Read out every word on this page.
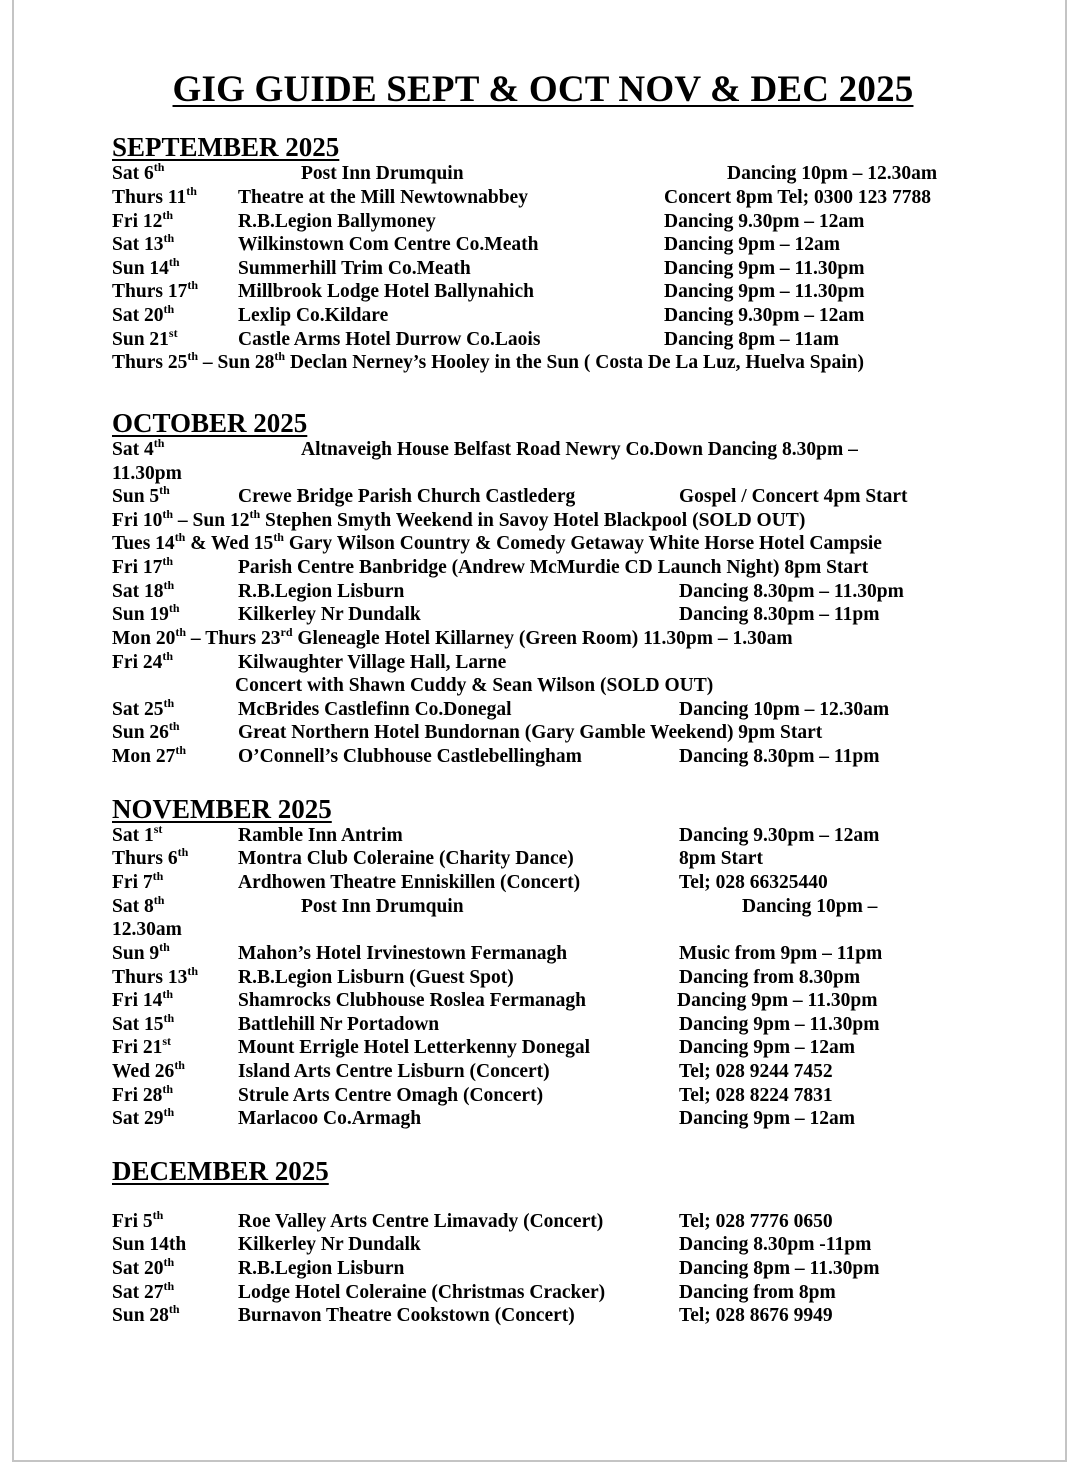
GIG GUIDE SEPT & OCT NOV & DEC 2025
SEPTEMBER 2025
Sat 6th	Post Inn Drumquin	Dancing 10pm – 12.30am
Thurs 11th Theatre at the Mill Newtownabbey	Concert 8pm Tel; 0300 123 7788
Fri 12th	R.B.Legion Ballymoney	Dancing 9.30pm – 12am
Sat 13th	Wilkinstown Com Centre Co.Meath	Dancing 9pm – 12am
Sun 14th	Summerhill Trim Co.Meath	Dancing 9pm – 11.30pm
Thurs 17th Millbrook Lodge Hotel Ballynahich	Dancing 9pm – 11.30pm
Sat 20th	Lexlip Co.Kildare	Dancing 9.30pm – 12am
Sun 21st	Castle Arms Hotel Durrow Co.Laois	Dancing 8pm – 11am
Thurs 25th – Sun 28th Declan Nerney’s Hooley in the Sun ( Costa De La Luz, Huelva Spain)
OCTOBER 2025
Sat 4th	Altnaveigh House Belfast Road Newry Co.Down Dancing 8.30pm –
11.30pm
Sun 5th	Crewe Bridge Parish Church Castlederg	Gospel / Concert 4pm Start
Fri 10th – Sun 12th Stephen Smyth Weekend in Savoy Hotel Blackpool (SOLD OUT)
Tues 14th & Wed 15th Gary Wilson Country & Comedy Getaway White Horse Hotel Campsie
Fri 17th	Parish Centre Banbridge (Andrew McMurdie CD Launch Night) 8pm Start
Sat 18th	R.B.Legion Lisburn	Dancing 8.30pm – 11.30pm
Sun 19th	Kilkerley Nr Dundalk	Dancing 8.30pm – 11pm
Mon 20th – Thurs 23rd Gleneagle Hotel Killarney (Green Room) 11.30pm – 1.30am
Fri 24th	Kilwaughter Village Hall, Larne
Concert with Shawn Cuddy & Sean Wilson (SOLD OUT)
Sat 25th	McBrides Castlefinn Co.Donegal	Dancing 10pm – 12.30am
Sun 26th	Great Northern Hotel Bundornan (Gary Gamble Weekend) 9pm Start
Mon 27th	O’Connell’s Clubhouse Castlebellingham	Dancing 8.30pm – 11pm
NOVEMBER 2025
Sat 1st	Ramble Inn Antrim	Dancing 9.30pm – 12am
Thurs 6th	Montra Club Coleraine (Charity Dance)	8pm Start
Fri 7th	Ardhowen Theatre Enniskillen (Concert)	Tel; 028 66325440
Sat 8th	Post Inn Drumquin	Dancing 10pm –
12.30am
Sun 9th	Mahon’s Hotel Irvinestown Fermanagh	Music from 9pm – 11pm
Thurs 13th R.B.Legion Lisburn (Guest Spot)	Dancing from 8.30pm
Fri 14th	Shamrocks Clubhouse Roslea Fermanagh	Dancing 9pm – 11.30pm
Sat 15th	Battlehill Nr Portadown	Dancing 9pm – 11.30pm
Fri 21st	Mount Errigle Hotel Letterkenny Donegal	Dancing 9pm – 12am
Wed 26th	Island Arts Centre Lisburn (Concert)	Tel; 028 9244 7452
Fri 28th	Strule Arts Centre Omagh (Concert)	Tel; 028 8224 7831
Sat 29th	Marlacoo Co.Armagh	Dancing 9pm – 12am
DECEMBER 2025
Fri 5th	Roe Valley Arts Centre Limavady (Concert)	Tel; 028 7776 0650
Sun 14th	Kilkerley Nr Dundalk	Dancing 8.30pm -11pm
Sat 20th	R.B.Legion Lisburn	Dancing 8pm – 11.30pm
Sat 27th	Lodge Hotel Coleraine (Christmas Cracker)	Dancing from 8pm
Sun 28th	Burnavon Theatre Cookstown (Concert)	Tel; 028 8676 9949
